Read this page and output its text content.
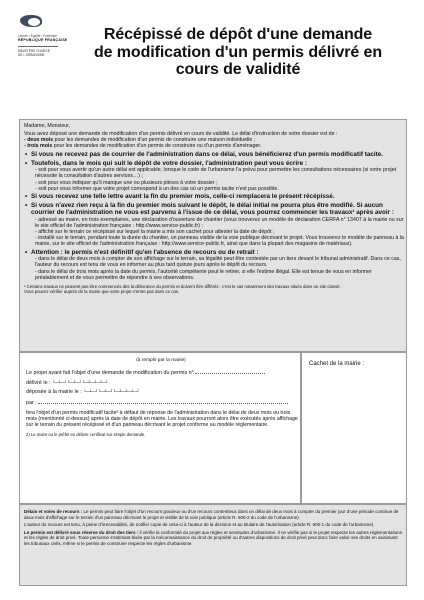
Liberté • Égalité • Fraternité
RÉPUBLIQUE FRANÇAISE
MINISTÈRE CHARGÉ
DE L'URBANISME
Récépissé de dépôt d'une demande
de modification d'un permis délivré en
cours de validité
Madame, Monsieur,
Vous avez déposé une demande de modification d'un permis délivré en cours de validité. Le délai d'instruction de votre dossier est de :
- deux mois pour les demandes de modification d'un permis de construire une maison individuelle ;
- trois mois pour les demandes de modification d'un permis de construire ou d'un permis d'aménager.
• Si vous ne recevez pas de courrier de l'administration dans ce délai, vous bénéficierez d'un permis modificatif tacite.
• Toutefois, dans le mois qui suit le dépôt de votre dossier, l'administration peut vous écrire :
- soit pour vous avertir qu'un autre délai est applicable, lorsque le code de l'urbanisme l'a prévu pour permettre les consultations nécessaires (si votre projet nécessite la consultation d'autres services…) ;
- soit pour vous indiquer qu'il manque une ou plusieurs pièces à votre dossier ;
- soit pour vous informer que votre projet correspond à un des cas où un permis tacite n'est pas possible.
• Si vous recevez une telle lettre avant la fin du premier mois, celle-ci remplacera le présent récépissé.
• Si vous n'avez rien reçu à la fin du premier mois suivant le dépôt, le délai initial ne pourra plus être modifié. Si aucun courrier de l'administration ne vous est parvenu à l'issue de ce délai, vous pourrez commencer les travaux¹ après avoir :
- adressé au maire, en trois exemplaires, une déclaration d'ouverture de chantier (vous trouverez un modèle de déclaration CERFA n° 13407 à la mairie ou sur le site officiel de l'administration française : http://www.service-public.fr) ;
- affiché sur le terrain ce récépissé sur lequel la mairie a mis son cachet pour attester la date de dépôt ;
- installé sur le terrain, pendant toute la durée du chantier, un panneau visible de la voie publique décrivant le projet. Vous trouverez le modèle de panneau à la mairie, sur le site officiel de l'administration française : http://www.service-public.fr, ainsi que dans la plupart des magasins de matériaux).
• Attention : le permis n'est définitif qu'en l'absence de recours ou de retrait :
- dans le délai de deux mois à compter de son affichage sur le terrain, sa légalité peut être contestée par un tiers devant le tribunal administratif. Dans ce cas, l'auteur du recours est tenu de vous en informer au plus tard quinze jours après le dépôt du recours.
- dans le délai de trois mois après la date du permis, l'autorité compétente peut le retirer, si elle l'estime illégal. Elle est tenue de vous en informer préalablement et de vous permettre de répondre à ses observations.
¹ Certains travaux ne peuvent pas être commencés dès la délivrance du permis et doivent être différés : c'est le cas notamment des travaux situés dans un site classé.
Vous pouvez vérifier auprès de la mairie que votre projet n'entre pas dans ce cas.
(à remplir par la mairie)
Le projet ayant fait l'objet d'une demande de modification du permis n°
délivré le : └─┴─┘└─┴─┘└─┴─┴─┴─┘
déposée à la mairie le : └─┴─┘└─┴─┘└─┴─┴─┴─┘
par :
fera l'objet d'un permis modificatif tacite² à défaut de réponse de l'administration dans le délai de deux mois ou trois mois (mentionné ci-dessus) après la date de dépôt en mairie. Les travaux pourront alors être exécutés après affichage sur le terrain du présent récépissé et d'un panneau décrivant le projet conforme au modèle réglementaire.
2) Le maire ou le préfet en délivre certificat sur simple demande.
Cachet de la mairie :
Délais et voies de recours : Le permis peut faire l'objet d'un recours gracieux ou d'un recours contentieux dans un délai de deux mois à compter du premier jour d'une période continue de deux mois d'affichage sur le terrain d'un panneau décrivant le projet et visible de la voie publique (article R. 600-2 du code de l'urbanisme).
L'auteur du recours est tenu, à peine d'irrecevabilité, de notifier copie de celui-ci à l'auteur de la décision et au titulaire de l'autorisation (article R. 600-1 du code de l'urbanisme).
Le permis est délivré sous réserve du droit des tiers : il vérifie la conformité du projet aux règles et servitudes d'urbanisme. Il ne vérifie pas si le projet respecte les autres réglementations et les règles de droit privé. Toute personne s'estimant lésée par la méconnaissance du droit de propriété ou d'autres dispositions de droit privé peut donc faire valoir ses droits en saisissant les tribunaux civils, même si le permis de construire respecte les règles d'urbanisme.
